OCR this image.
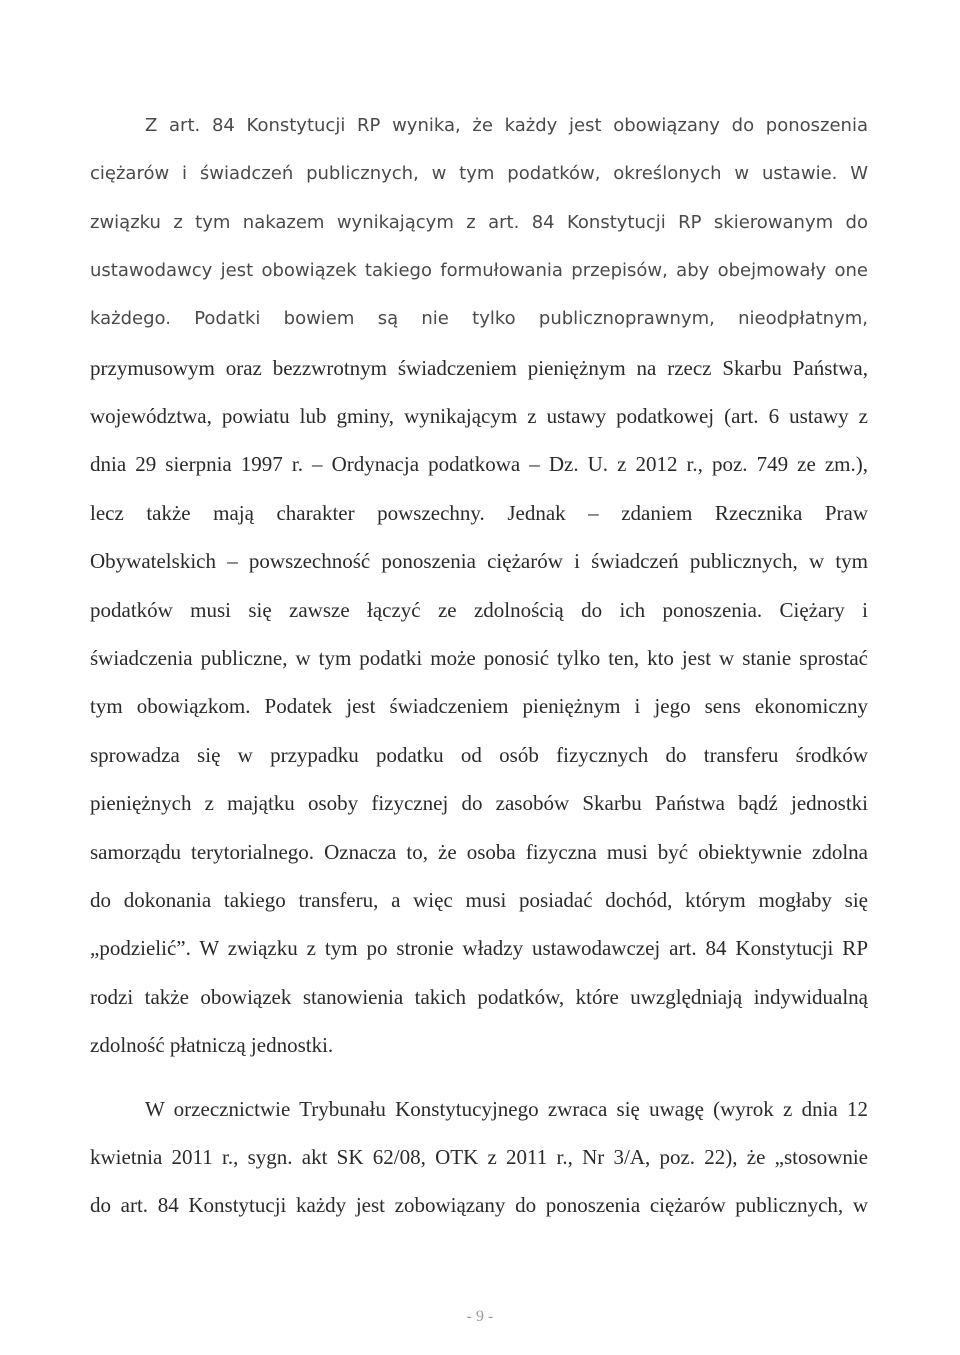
Z art. 84 Konstytucji RP wynika, że każdy jest obowiązany do ponoszenia
ciężarów i świadczeń publicznych, w tym podatków, określonych w ustawie. W
związku z tym nakazem wynikającym z art. 84 Konstytucji RP skierowanym do
ustawodawcy jest obowiązek takiego formułowania przepisów, aby obejmowały one
każdego. Podatki bowiem są nie tylko publicznoprawnym, nieodpłatnym,
przymusowym oraz bezzwrotnym świadczeniem pieniężnym na rzecz Skarbu Państwa,
województwa, powiatu lub gminy, wynikającym z ustawy podatkowej (art. 6 ustawy z
dnia 29 sierpnia 1997 r. – Ordynacja podatkowa – Dz. U. z 2012 r., poz. 749 ze zm.),
lecz także mają charakter powszechny. Jednak – zdaniem Rzecznika Praw
Obywatelskich – powszechność ponoszenia ciężarów i świadczeń publicznych, w tym
podatków musi się zawsze łączyć ze zdolnością do ich ponoszenia. Ciężary i
świadczenia publiczne, w tym podatki może ponosić tylko ten, kto jest w stanie sprostać
tym obowiązkom. Podatek jest świadczeniem pieniężnym i jego sens ekonomiczny
sprowadza się w przypadku podatku od osób fizycznych do transferu środków
pieniężnych z majątku osoby fizycznej do zasobów Skarbu Państwa bądź jednostki
samorządu terytorialnego. Oznacza to, że osoba fizyczna musi być obiektywnie zdolna
do dokonania takiego transferu, a więc musi posiadać dochód, którym mogłaby się
„podzielić”. W związku z tym po stronie władzy ustawodawczej art. 84 Konstytucji RP
rodzi także obowiązek stanowienia takich podatków, które uwzględniają indywidualną
zdolność płatniczą jednostki.
W orzecznictwie Trybunału Konstytucyjnego zwraca się uwagę (wyrok z dnia 12
kwietnia 2011 r., sygn. akt SK 62/08, OTK z 2011 r., Nr 3/A, poz. 22), że „stosownie
do art. 84 Konstytucji każdy jest zobowiązany do ponoszenia ciężarów publicznych, w
- 9 -
